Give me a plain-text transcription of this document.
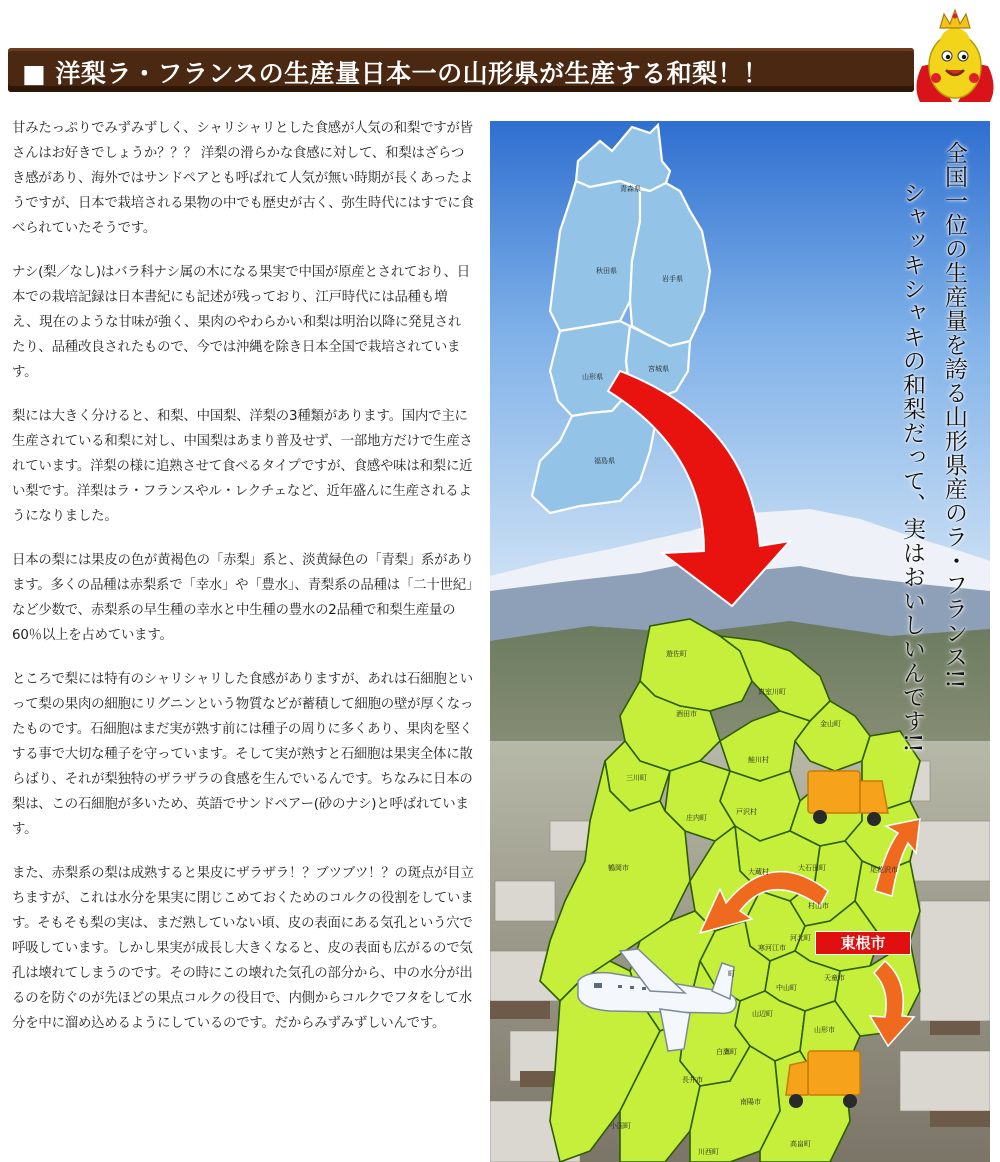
■ 洋梨ラ・フランスの生産量日本一の山形県が生産する和梨！！

甘みたっぷりでみずみずしく、シャリシャリとした食感が人気の和梨ですが皆さんはお好きでしょうか？？？ 洋梨の滑らかな食感に対して、和梨はざらつき感があり、海外ではサンドペアとも呼ばれて人気が無い時期が長くあったようですが、日本で栽培される果物の中でも歴史が古く、弥生時代にはすでに食べられていたそうです。

ナシ(梨／なし)はバラ科ナシ属の木になる果実で中国が原産とされており、日本での栽培記録は日本書紀にも記述が残っており、江戸時代には品種も増え、現在のような甘味が強く、果肉のやわらかい和梨は明治以降に発見されたり、品種改良されたもので、今では沖縄を除き日本全国で栽培されています。

梨には大きく分けると、和梨、中国梨、洋梨の3種類があります。国内で主に生産されている和梨に対し、中国梨はあまり普及せず、一部地方だけで生産されています。洋梨の様に追熟させて食べるタイプですが、食感や味は和梨に近い梨です。洋梨はラ・フランスやル・レクチェなど、近年盛んに生産されるようになりました。

日本の梨には果皮の色が黄褐色の「赤梨」系と、淡黄緑色の「青梨」系があります。多くの品種は赤梨系で「幸水」や「豊水」、青梨系の品種は「二十世紀」など少数で、赤梨系の早生種の幸水と中生種の豊水の2品種で和梨生産量の60％以上を占めています。

ところで梨には特有のシャリシャリした食感がありますが、あれは石細胞といって梨の果肉の細胞にリグニンという物質などが蓄積して細胞の壁が厚くなったものです。石細胞はまだ実が熟す前には種子の周りに多くあり、果肉を堅くする事で大切な種子を守っています。そして実が熟すと石細胞は果実全体に散らばり、それが梨独特のザラザラの食感を生んでいるんです。ちなみに日本の梨は、この石細胞が多いため、英語でサンドペアー(砂のナシ)と呼ばれています。

また、赤梨系の梨は成熟すると果皮にザラザラ！？ブツブツ！？の斑点が目立ちますが、これは水分を果実に閉じこめておくためのコルクの役割をしています。そもそも梨の実は、まだ熟していない頃、皮の表面にある気孔という穴で呼吸しています。しかし果実が成長し大きくなると、皮の表面も広がるので気孔は壊れてしまうのです。その時にこの壊れた気孔の部分から、中の水分が出るのを防ぐのが先ほどの果点コルクの役目で、内側からコルクでフタをして水分を中に溜め込めるようにしているのです。だからみずみずしいんです。

青森県
秋田県
岩手県
山形県
宮城県
福島県
遊佐町
真室川町
酒田市
金山町
鮭川村
三川町
戸沢村
庄内町
鶴岡市	大蔵村	大石田町	尾花沢市
村山市
河北町
寒河江市
天童市
中山町
山辺町
山形市
白鷹町
長井市
南陽市
小国町
川西町
高畠町
町
東根市
全国一位の生産量を誇る山形県産のラ・フランス!!
シャッキシャキの和梨だって、実はおいしいんです!!
